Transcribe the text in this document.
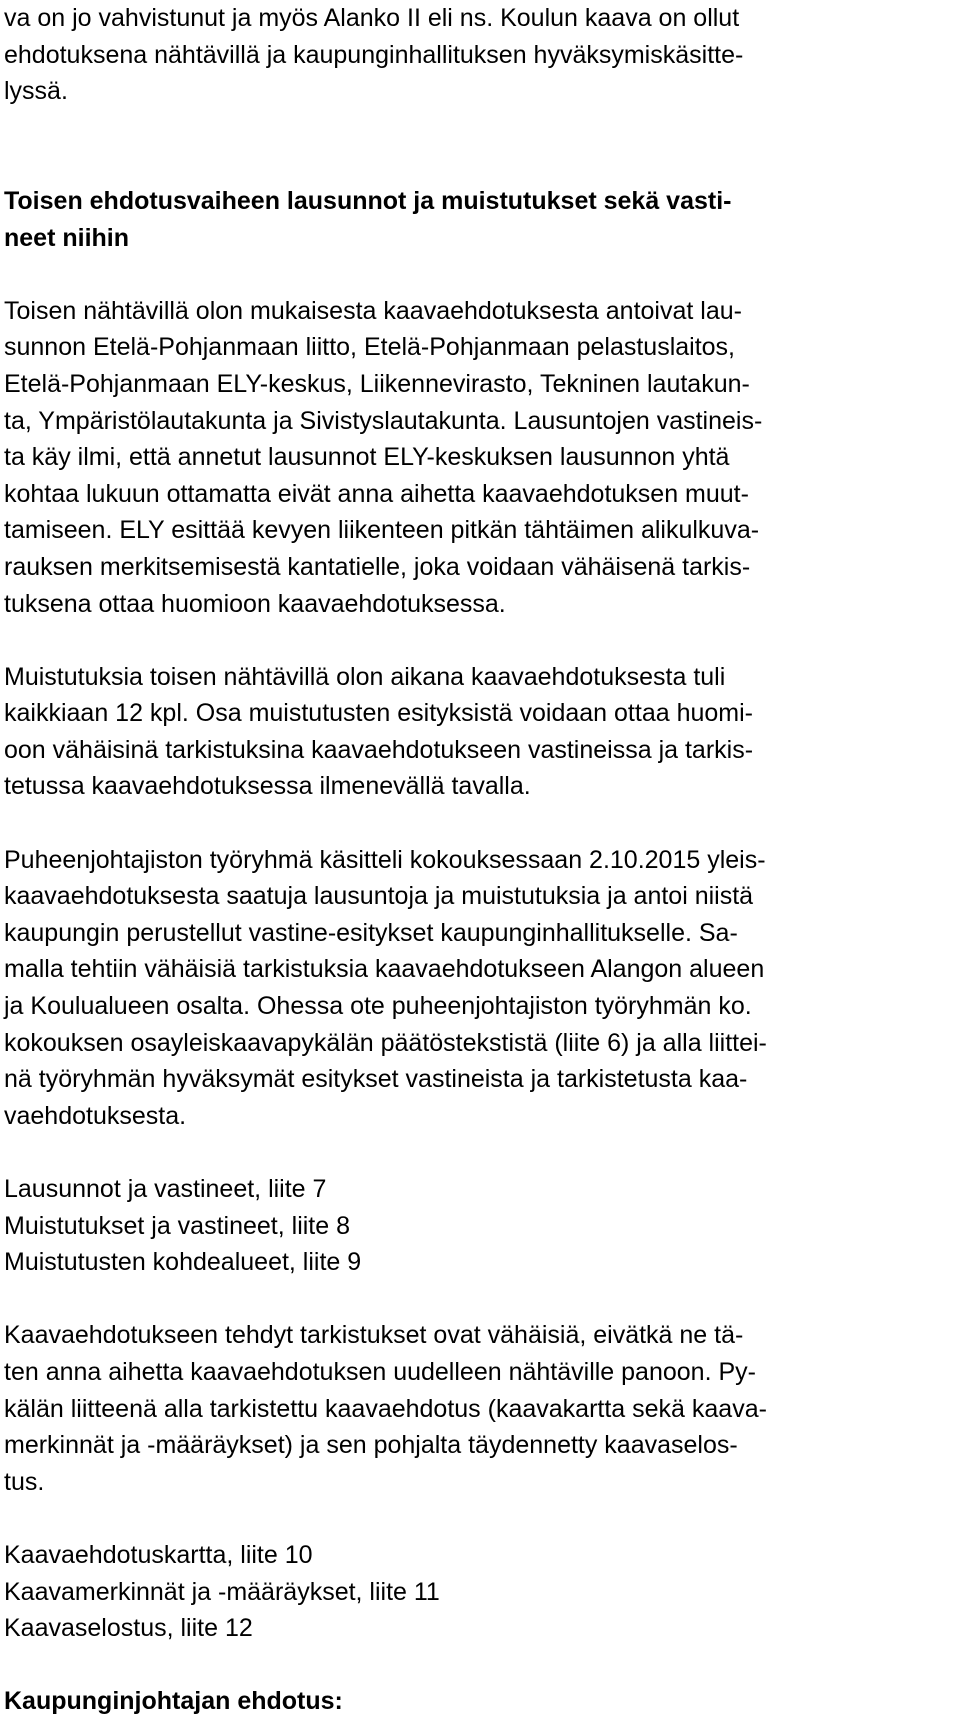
va on jo vahvistunut ja myös Alanko II eli ns. Koulun kaava on ollut
ehdotuksena nähtävillä ja kaupunginhallituksen hyväksymiskäsitte-
lyssä.
Toisen ehdotusvaiheen lausunnot ja muistutukset sekä vasti-
neet niihin
Toisen nähtävillä olon mukaisesta kaavaehdotuksesta antoivat lau-
sunnon Etelä-Pohjanmaan liitto, Etelä-Pohjanmaan pelastuslaitos,
Etelä-Pohjanmaan ELY-keskus, Liikennevirasto, Tekninen lautakun-
ta, Ympäristölautakunta ja Sivistyslautakunta. Lausuntojen vastineis-
ta käy ilmi, että annetut lausunnot ELY-keskuksen lausunnon yhtä
kohtaa lukuun ottamatta eivät anna aihetta kaavaehdotuksen muut-
tamiseen. ELY esittää kevyen liikenteen pitkän tähtäimen alikulkuva-
rauksen merkitsemisestä kantatielle, joka voidaan vähäisenä tarkis-
tuksena ottaa huomioon kaavaehdotuksessa.
Muistutuksia toisen nähtävillä olon aikana kaavaehdotuksesta tuli
kaikkiaan 12 kpl. Osa muistutusten esityksistä voidaan ottaa huomi-
oon vähäisinä tarkistuksina kaavaehdotukseen vastineissa ja tarkis-
tetussa kaavaehdotuksessa ilmenevällä tavalla.
Puheenjohtajiston työryhmä käsitteli kokouksessaan 2.10.2015 yleis-
kaavaehdotuksesta saatuja lausuntoja ja muistutuksia ja antoi niistä
kaupungin perustellut vastine-esitykset kaupunginhallitukselle. Sa-
malla tehtiin vähäisiä tarkistuksia kaavaehdotukseen Alangon alueen
ja Koulualueen osalta. Ohessa ote puheenjohtajiston työryhmän ko.
kokouksen osayleiskaavapykälän päätöstekstistä (liite 6) ja alla liittei-
nä työryhmän hyväksymät esitykset vastineista ja tarkistetusta kaa-
vaehdotuksesta.
Lausunnot ja vastineet, liite 7
Muistutukset ja vastineet, liite 8
Muistutusten kohdealueet, liite 9
Kaavaehdotukseen tehdyt tarkistukset ovat vähäisiä, eivätkä ne tä-
ten anna aihetta kaavaehdotuksen uudelleen nähtäville panoon. Py-
kälän liitteenä alla tarkistettu kaavaehdotus (kaavakartta sekä kaava-
merkinnät ja -määräykset) ja sen pohjalta täydennetty kaavaselos-
tus.
Kaavaehdotuskartta, liite 10
Kaavamerkinnät ja -määräykset, liite 11
Kaavaselostus, liite 12
Kaupunginjohtajan ehdotus:
